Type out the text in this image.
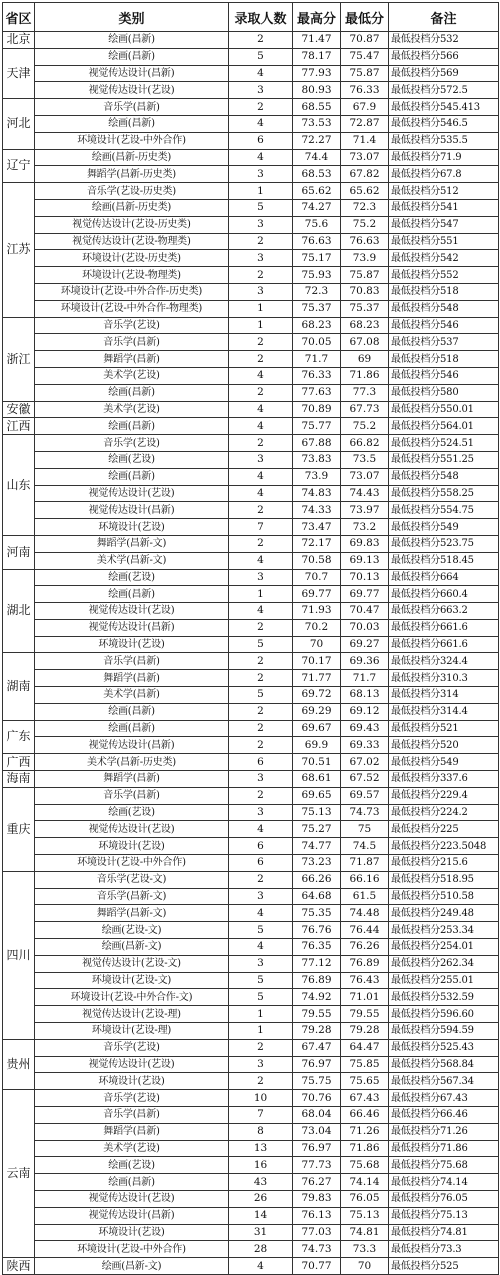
省区	类别	录取人数	最高分	最低分	备注
北京	绘画(昌新)	2	71.47	70.87	最低投档分532
天津	绘画(昌新)	5	78.17	75.47	最低投档分566
	视觉传达设计(昌新)	4	77.93	75.87	最低投档分569
	视觉传达设计(艺设)	3	80.93	76.33	最低投档分572.5
河北	音乐学(昌新)	2	68.55	67.9	最低投档分545.413
	绘画(昌新)	4	73.53	72.87	最低投档分546.5
	环境设计(艺设-中外合作)	6	72.27	71.4	最低投档分535.5
辽宁	绘画(昌新-历史类)	4	74.4	73.07	最低投档分71.9
	舞蹈学(昌新-历史类)	3	68.53	67.82	最低投档分67.8
江苏	音乐学(艺设-历史类)	1	65.62	65.62	最低投档分512
	绘画(昌新-历史类)	5	74.27	72.3	最低投档分541
	视觉传达设计(艺设-历史类)	3	75.6	75.2	最低投档分547
	视觉传达设计(艺设-物理类)	2	76.63	76.63	最低投档分551
	环境设计(艺设-历史类)	3	75.17	73.9	最低投档分542
	环境设计(艺设-物理类)	2	75.93	75.87	最低投档分552
	环境设计(艺设-中外合作-历史类)	3	72.3	70.83	最低投档分518
	环境设计(艺设-中外合作-物理类)	1	75.37	75.37	最低投档分548
浙江	音乐学(艺设)	1	68.23	68.23	最低投档分546
	音乐学(昌新)	2	70.05	67.08	最低投档分537
	舞蹈学(昌新)	2	71.7	69	最低投档分518
	美术学(艺设)	4	76.33	71.86	最低投档分546
	绘画(昌新)	2	77.63	77.3	最低投档分580
安徽	美术学(艺设)	4	70.89	67.73	最低投档分550.01
江西	绘画(昌新)	4	75.77	75.2	最低投档分564.01
山东	音乐学(艺设)	2	67.88	66.82	最低投档分524.51
	绘画(艺设)	3	73.83	73.5	最低投档分551.25
	绘画(昌新)	4	73.9	73.07	最低投档分548
	视觉传达设计(艺设)	4	74.83	74.43	最低投档分558.25
	视觉传达设计(昌新)	2	74.33	73.97	最低投档分554.75
	环境设计(艺设)	7	73.47	73.2	最低投档分549
河南	舞蹈学(昌新-文)	2	72.17	69.83	最低投档分523.75
	美术学(昌新-文)	4	70.58	69.13	最低投档分518.45
湖北	绘画(艺设)	3	70.7	70.13	最低投档分664
	绘画(昌新)	1	69.77	69.77	最低投档分660.4
	视觉传达设计(艺设)	4	71.93	70.47	最低投档分663.2
	视觉传达设计(昌新)	2	70.2	70.03	最低投档分661.6
	环境设计(艺设)	5	70	69.27	最低投档分661.6
湖南	音乐学(昌新)	2	70.17	69.36	最低投档分324.4
	舞蹈学(昌新)	2	71.77	71.7	最低投档分310.3
	美术学(昌新)	5	69.72	68.13	最低投档分314
	绘画(昌新)	2	69.29	69.12	最低投档分314.4
广东	绘画(昌新)	2	69.67	69.43	最低投档分521
	视觉传达设计(昌新)	2	69.9	69.33	最低投档分520
广西	美术学(昌新-历史类)	6	70.51	67.02	最低投档分549
海南	舞蹈学(昌新)	3	68.61	67.52	最低投档分337.6
重庆	音乐学(昌新)	2	69.65	69.57	最低投档分229.4
	绘画(艺设)	3	75.13	74.73	最低投档分224.2
	视觉传达设计(艺设)	4	75.27	75	最低投档分225
	环境设计(艺设)	6	74.77	74.5	最低投档分223.5048
	环境设计(艺设-中外合作)	6	73.23	71.87	最低投档分215.6
四川	音乐学(艺设-文)	2	66.26	66.16	最低投档分518.95
	音乐学(昌新-文)	3	64.68	61.5	最低投档分510.58
	舞蹈学(昌新-文)	4	75.35	74.48	最低投档分249.48
	绘画(艺设-文)	5	76.76	76.44	最低投档分253.34
	绘画(昌新-文)	4	76.35	76.26	最低投档分254.01
	视觉传达设计(艺设-文)	3	77.12	76.89	最低投档分262.34
	环境设计(艺设-文)	5	76.89	76.43	最低投档分255.01
	环境设计(艺设-中外合作-文)	5	74.92	71.01	最低投档分532.59
	视觉传达设计(艺设-理)	1	79.55	79.55	最低投档分596.60
	环境设计(艺设-理)	1	79.28	79.28	最低投档分594.59
贵州	音乐学(艺设)	2	67.47	64.47	最低投档分525.43
	视觉传达设计(艺设)	3	76.97	75.85	最低投档分568.84
	环境设计(艺设)	2	75.75	75.65	最低投档分567.34
云南	音乐学(艺设)	10	70.76	67.43	最低投档分67.43
	音乐学(昌新)	7	68.04	66.46	最低投档分66.46
	舞蹈学(昌新)	8	73.04	71.26	最低投档分71.26
	美术学(艺设)	13	76.97	71.86	最低投档分71.86
	绘画(艺设)	16	77.73	75.68	最低投档分75.68
	绘画(昌新)	43	76.27	74.14	最低投档分74.14
	视觉传达设计(艺设)	26	79.83	76.05	最低投档分76.05
	视觉传达设计(昌新)	14	76.13	75.13	最低投档分75.13
	环境设计(艺设)	31	77.03	74.81	最低投档分74.81
	环境设计(艺设-中外合作)	28	74.73	73.3	最低投档分73.3
陕西	绘画(昌新-文)	4	70.77	70	最低投档分525
